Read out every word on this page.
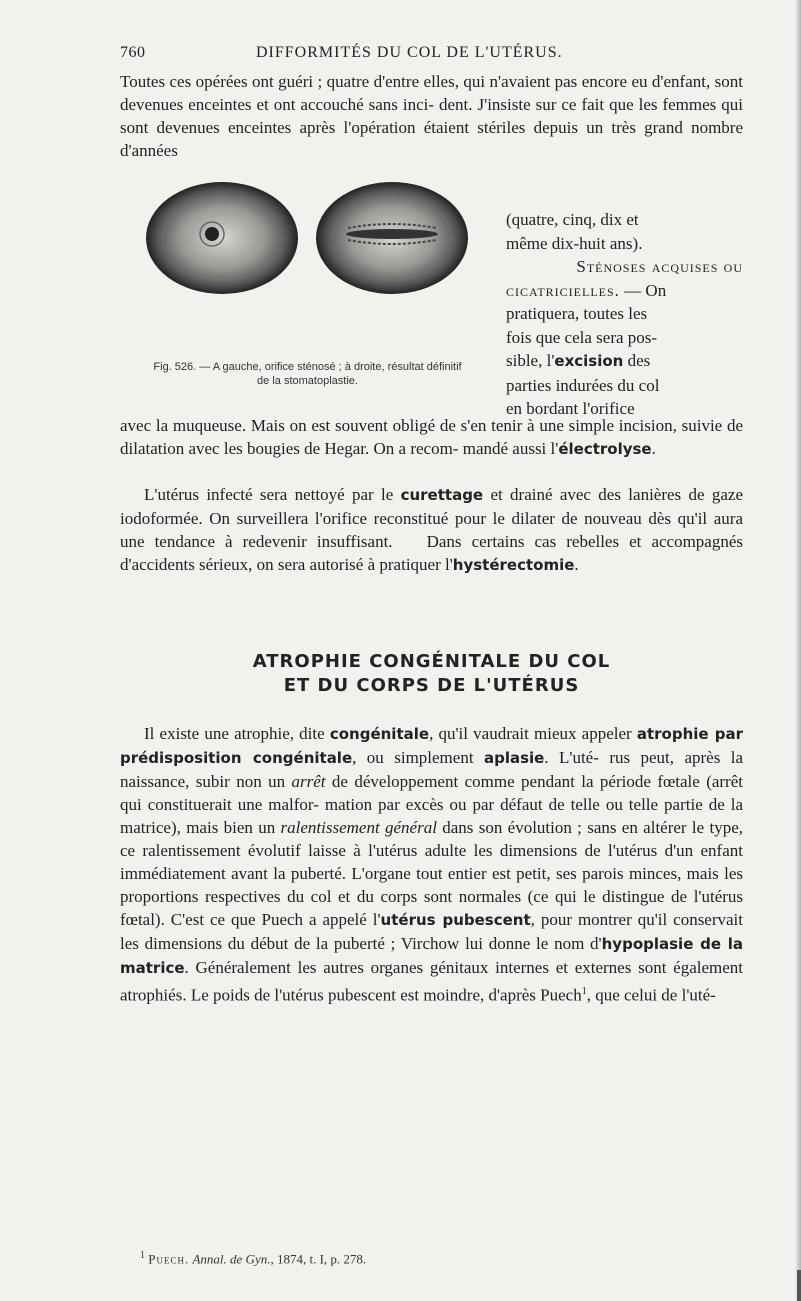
760	DIFFORMITÉS DU COL DE L'UTÉRUS.

Toutes ces opérées ont guéri ; quatre d'entre elles, qui n'avaient pas encore eu d'enfant, sont devenues enceintes et ont accouché sans inci- dent. J'insiste sur ce fait que les femmes qui sont devenues enceintes après l'opération étaient stériles depuis un très grand nombre d'années

Fig. 526. — A gauche, orifice sténosé ; à droite, résultat définitif
de la stomatoplastie.
(quatre, cinq, dix et
même dix-huit ans).
Sténoses acquises ou
cicatricielles. — On
pratiquera, toutes les
fois que cela sera pos-
sible, l'excision des
parties indurées du col
en bordant l'orifice

avec la muqueuse. Mais on est souvent obligé de s'en tenir à une simple incision, suivie de dilatation avec les bougies de Hegar. On a recom- mandé aussi l'électrolyse.

L'utérus infecté sera nettoyé par le curettage et drainé avec des lanières de gaze iodoformée. On surveillera l'orifice reconstitué pour le dilater de nouveau dès qu'il aura une tendance à redevenir insuffisant. Dans certains cas rebelles et accompagnés d'accidents sérieux, on sera autorisé à pratiquer l'hystérectomie.

ATROPHIE CONGÉNITALE DU COL
ET DU CORPS DE L'UTÉRUS

Il existe une atrophie, dite congénitale, qu'il vaudrait mieux appeler atrophie par prédisposition congénitale, ou simplement aplasie. L'uté- rus peut, après la naissance, subir non un arrêt de développement comme pendant la période fœtale (arrêt qui constituerait une malfor- mation par excès ou par défaut de telle ou telle partie de la matrice), mais bien un ralentissement général dans son évolution ; sans en altérer le type, ce ralentissement évolutif laisse à l'utérus adulte les dimensions de l'utérus d'un enfant immédiatement avant la puberté. L'organe tout entier est petit, ses parois minces, mais les proportions respectives du col et du corps sont normales (ce qui le distingue de l'utérus fœtal). C'est ce que Puech a appelé l'utérus pubescent, pour montrer qu'il conservait les dimensions du début de la puberté ; Virchow lui donne le nom d'hypoplasie de la matrice. Généralement les autres organes génitaux internes et externes sont également atrophiés. Le poids de l'utérus pubescent est moindre, d'après Puech$^1$, que celui de l'uté-

$^1$ Puech. Annal. de Gyn., 1874, t. I, p. 278.
